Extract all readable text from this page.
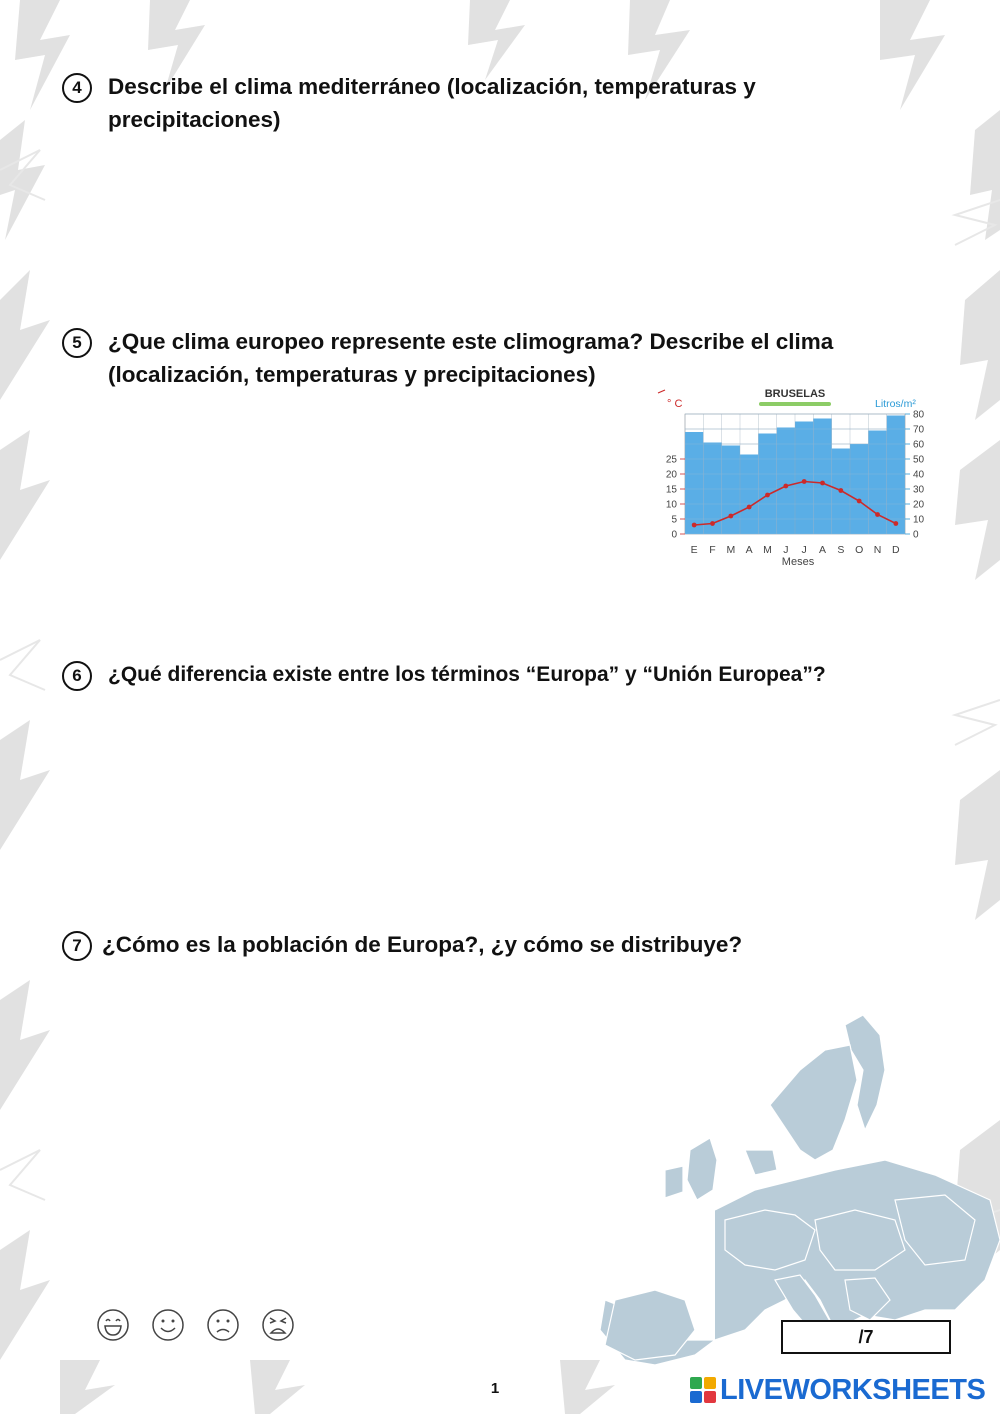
4	Describe el clima mediterráneo (localización, temperaturas y precipitaciones)
5	¿Que clima europeo represente este climograma? Describe el clima (localización, temperaturas y precipitaciones)
BRUSELAS
° C	Litros/m²
0
5
10
15
20
25
0
10
20
30
40
50
60
70
80
E F M A M J J A S O N D
Meses
6	¿Qué diferencia existe entre los términos “Europa” y “Unión Europea”?
7 ¿Cómo es la población de Europa?, ¿y cómo se distribuye?
/7
1	LIVEWORKSHEETS
